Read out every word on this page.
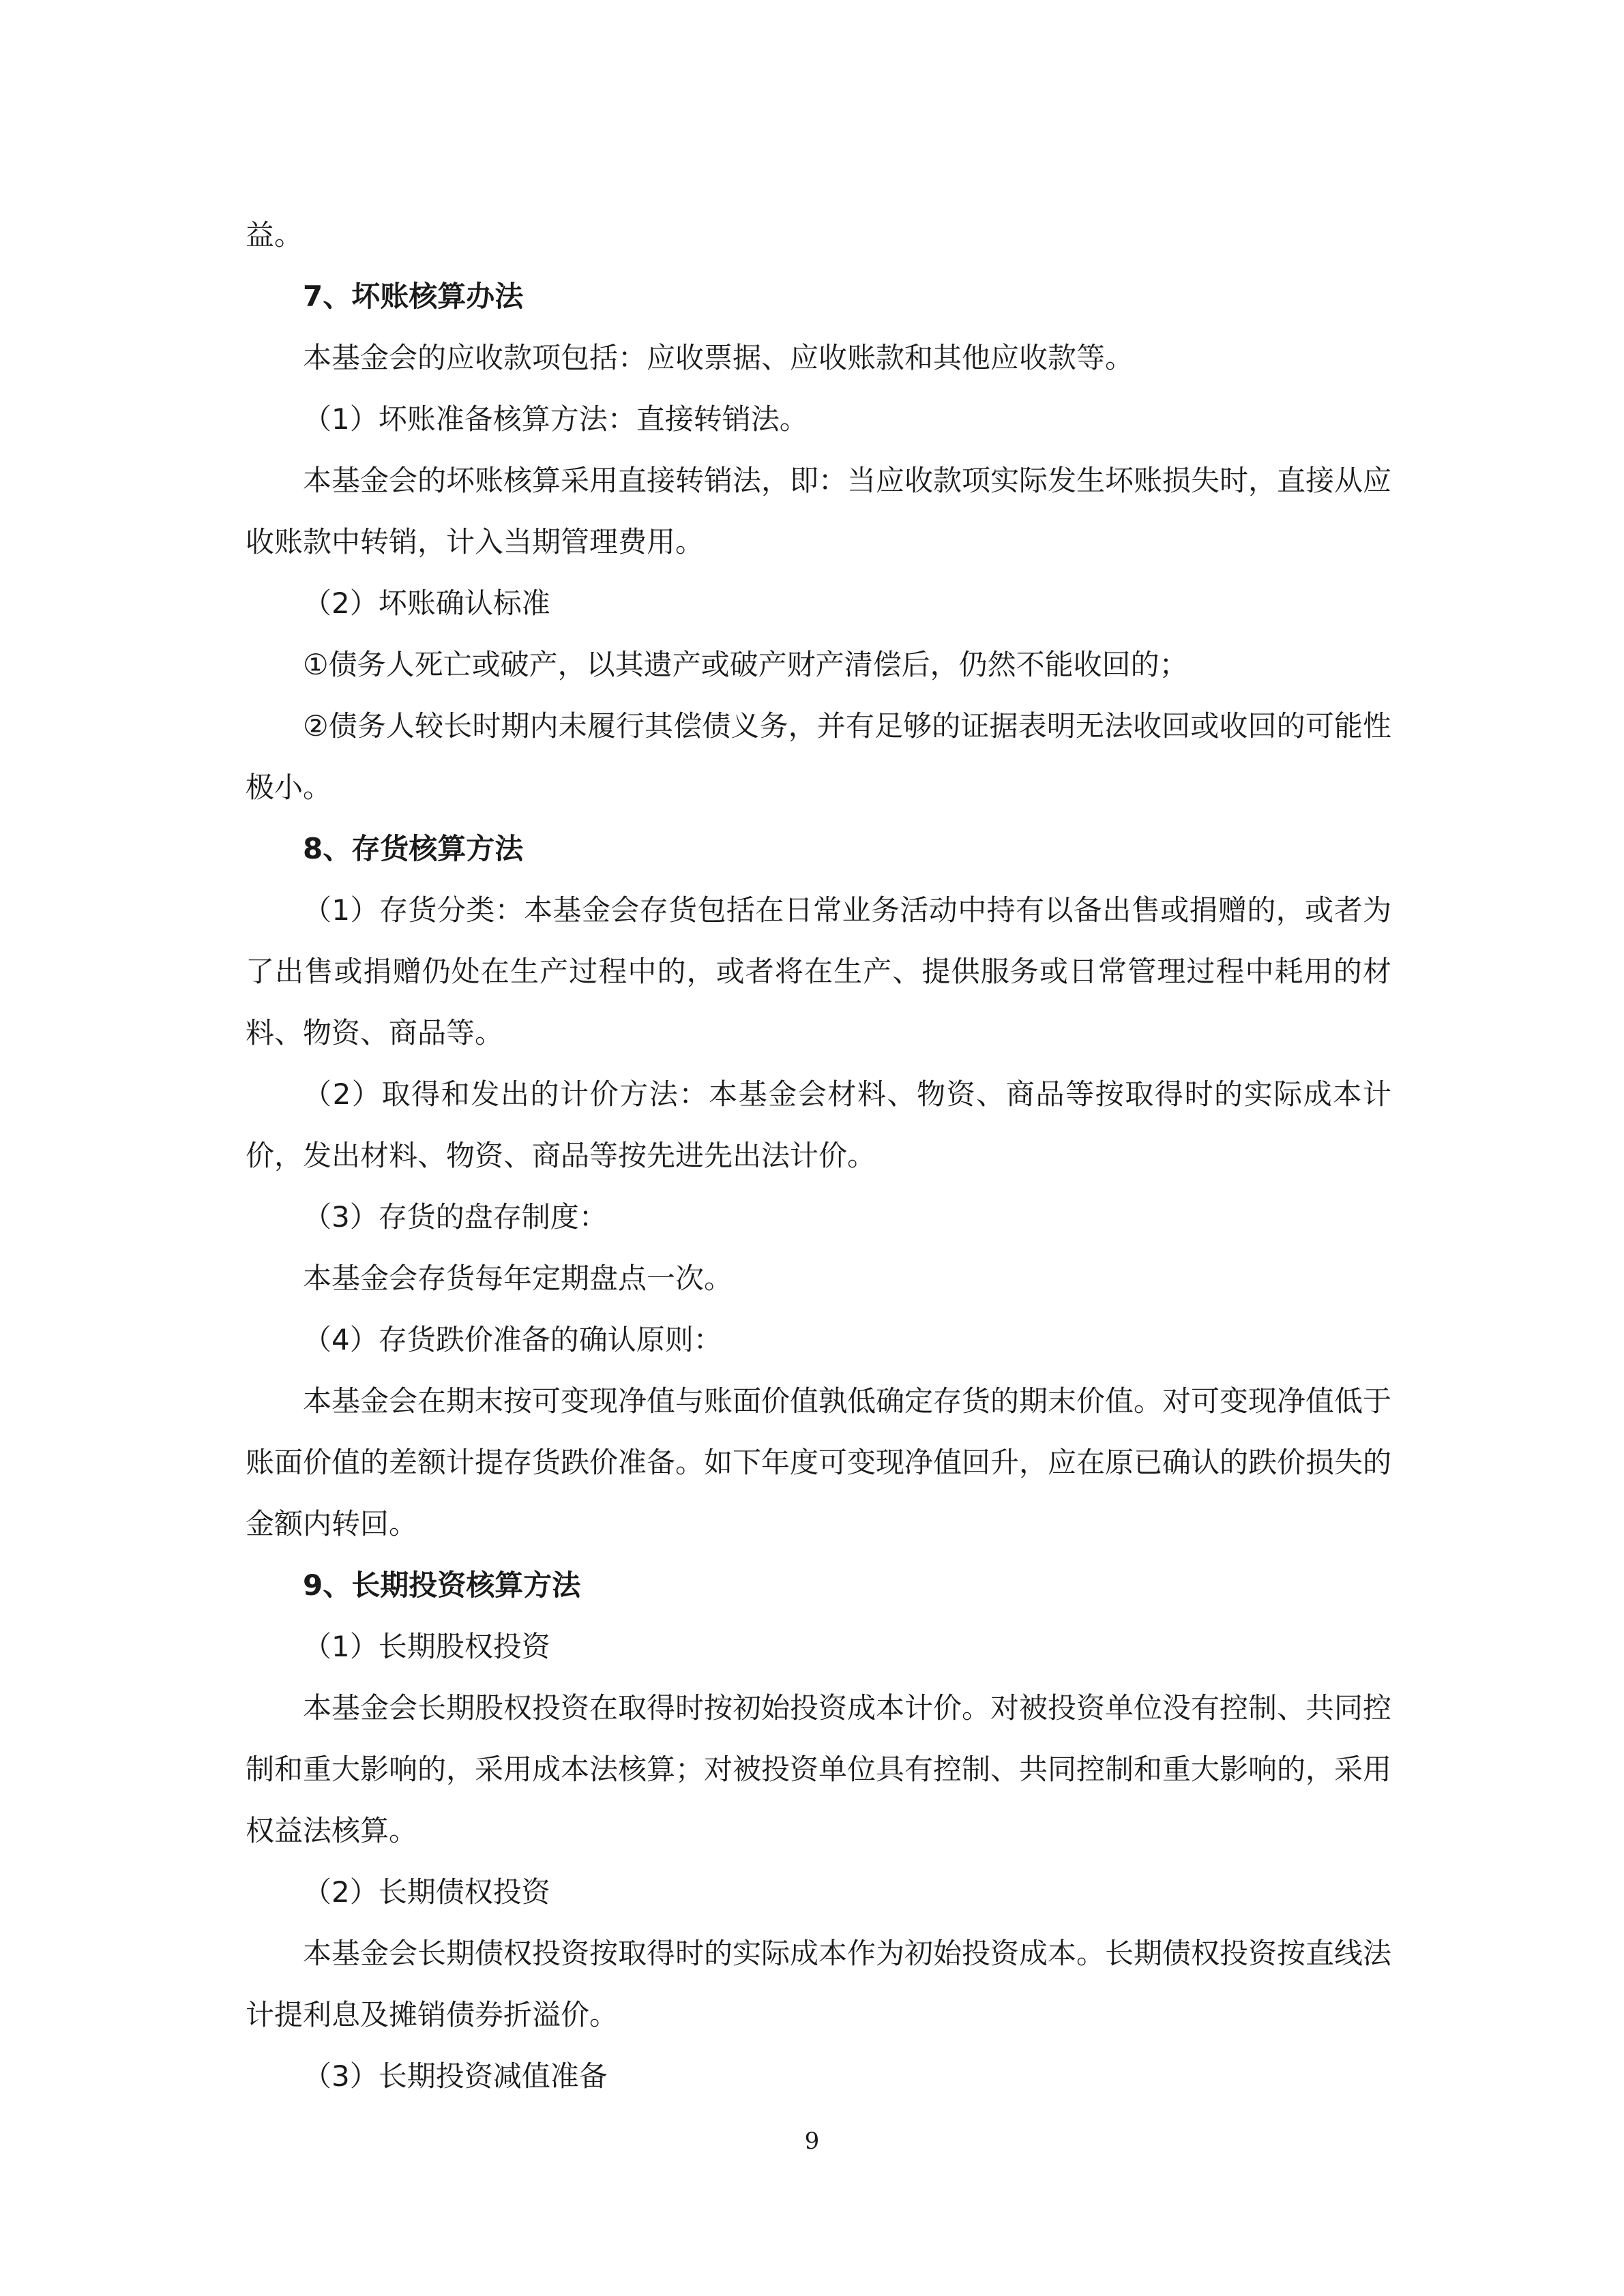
益。

7、坏账核算办法

本基金会的应收款项包括：应收票据、应收账款和其他应收款等。

（1）坏账准备核算方法：直接转销法。

本基金会的坏账核算采用直接转销法，即：当应收款项实际发生坏账损失时，直接从应收账款中转销，计入当期管理费用。

（2）坏账确认标准

①债务人死亡或破产，以其遗产或破产财产清偿后，仍然不能收回的；

②债务人较长时期内未履行其偿债义务，并有足够的证据表明无法收回或收回的可能性极小。

8、存货核算方法

（1）存货分类：本基金会存货包括在日常业务活动中持有以备出售或捐赠的，或者为了出售或捐赠仍处在生产过程中的，或者将在生产、提供服务或日常管理过程中耗用的材料、物资、商品等。

（2）取得和发出的计价方法：本基金会材料、物资、商品等按取得时的实际成本计价，发出材料、物资、商品等按先进先出法计价。

（3）存货的盘存制度：

本基金会存货每年定期盘点一次。

（4）存货跌价准备的确认原则：

本基金会在期末按可变现净值与账面价值孰低确定存货的期末价值。对可变现净值低于账面价值的差额计提存货跌价准备。如下年度可变现净值回升，应在原已确认的跌价损失的金额内转回。

9、长期投资核算方法

（1）长期股权投资

本基金会长期股权投资在取得时按初始投资成本计价。对被投资单位没有控制、共同控制和重大影响的，采用成本法核算；对被投资单位具有控制、共同控制和重大影响的，采用权益法核算。

（2）长期债权投资

本基金会长期债权投资按取得时的实际成本作为初始投资成本。长期债权投资按直线法计提利息及摊销债券折溢价。

（3）长期投资减值准备

9
